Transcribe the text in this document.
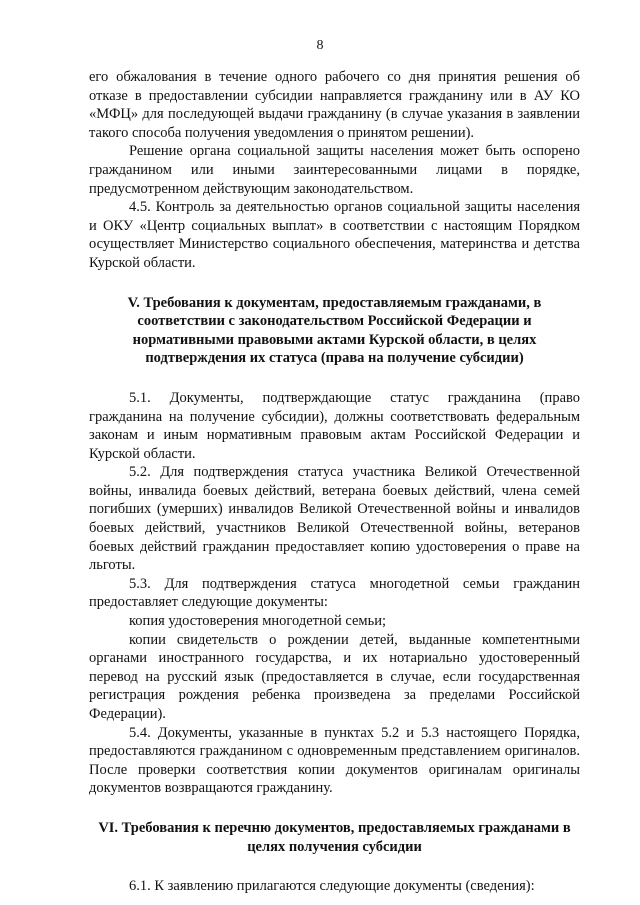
8

его обжалования в течение одного рабочего со дня принятия решения об отказе в предоставлении субсидии направляется гражданину или в АУ КО «МФЦ» для последующей выдачи гражданину (в случае указания в заявлении такого способа получения уведомления о принятом решении).

Решение органа социальной защиты населения может быть оспорено гражданином или иными заинтересованными лицами в порядке, предусмотренном действующим законодательством.

4.5. Контроль за деятельностью органов социальной защиты населения и ОКУ «Центр социальных выплат» в соответствии с настоящим Порядком осуществляет Министерство социального обеспечения, материнства и детства Курской области.

V. Требования к документам, предоставляемым гражданами, в соответствии с законодательством Российской Федерации и нормативными правовыми актами Курской области, в целях подтверждения их статуса (права на получение субсидии)

5.1. Документы, подтверждающие статус гражданина (право гражданина на получение субсидии), должны соответствовать федеральным законам и иным нормативным правовым актам Российской Федерации и Курской области.

5.2. Для подтверждения статуса участника Великой Отечественной войны, инвалида боевых действий, ветерана боевых действий, члена семей погибших (умерших) инвалидов Великой Отечественной войны и инвалидов боевых действий, участников Великой Отечественной войны, ветеранов боевых действий гражданин предоставляет копию удостоверения о праве на льготы.

5.3. Для подтверждения статуса многодетной семьи гражданин предоставляет следующие документы:

копия удостоверения многодетной семьи;

копии свидетельств о рождении детей, выданные компетентными органами иностранного государства, и их нотариально удостоверенный перевод на русский язык (предоставляется в случае, если государственная регистрация рождения ребенка произведена за пределами Российской Федерации).

5.4. Документы, указанные в пунктах 5.2 и 5.3 настоящего Порядка, предоставляются гражданином с одновременным представлением оригиналов. После проверки соответствия копии документов оригиналам оригиналы документов возвращаются гражданину.

VI. Требования к перечню документов, предоставляемых гражданами в целях получения субсидии

6.1. К заявлению прилагаются следующие документы (сведения):
